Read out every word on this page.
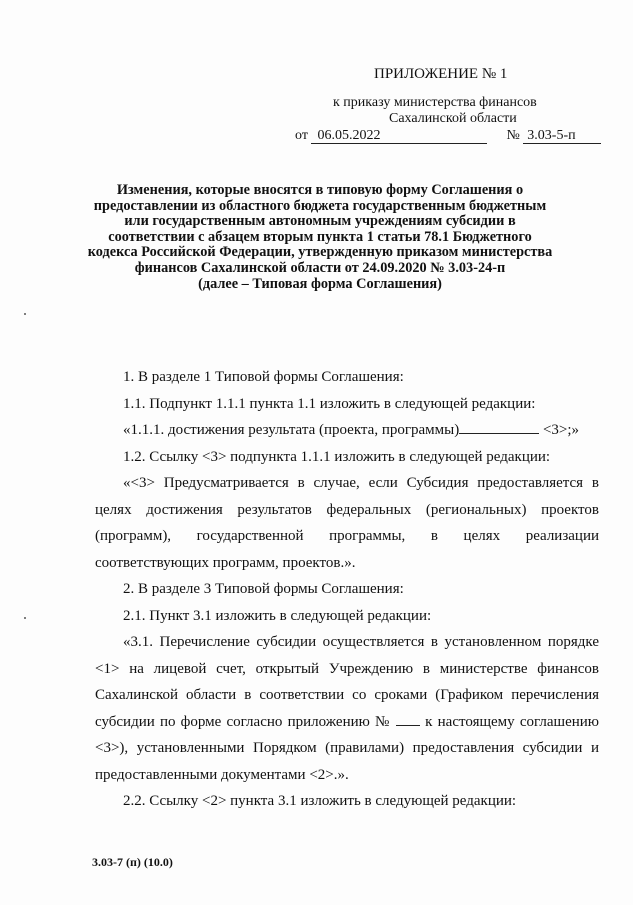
ПРИЛОЖЕНИЕ № 1
к приказу министерства финансов
Сахалинской области
от 06.05.2022	№ 3.03-5-п
Изменения, которые вносятся в типовую форму Соглашения о
предоставлении из областного бюджета государственным бюджетным
или государственным автономным учреждениям субсидии в
соответствии с абзацем вторым пункта 1 статьи 78.1 Бюджетного
кодекса Российской Федерации, утвержденную приказом министерства
финансов Сахалинской области от 24.09.2020 № 3.03-24-п
(далее – Типовая форма Соглашения)

1. В разделе 1 Типовой формы Соглашения:

1.1. Подпункт 1.1.1 пункта 1.1 изложить в следующей редакции:

«1.1.1. достижения результата (проекта, программы)	<3>;»

1.2. Ссылку <3> подпункта 1.1.1 изложить в следующей редакции:

«<3> Предусматривается в случае, если Субсидия предоставляется в целях достижения результатов федеральных (региональных) проектов (программ), государственной программы, в целях реализации соответствующих программ, проектов.».

2. В разделе 3 Типовой формы Соглашения:

2.1. Пункт 3.1 изложить в следующей редакции:

«3.1. Перечисление субсидии осуществляется в установленном порядке <1> на лицевой счет, открытый Учреждению в министерстве финансов Сахалинской области в соответствии со сроками (Графиком перечисления субсидии по форме согласно приложению №  к настоящему соглашению <3>), установленными Порядком (правилами) предоставления субсидии и предоставленными документами <2>.».

2.2. Ссылку <2> пункта 3.1 изложить в следующей редакции:

3.03-7 (п) (10.0)
